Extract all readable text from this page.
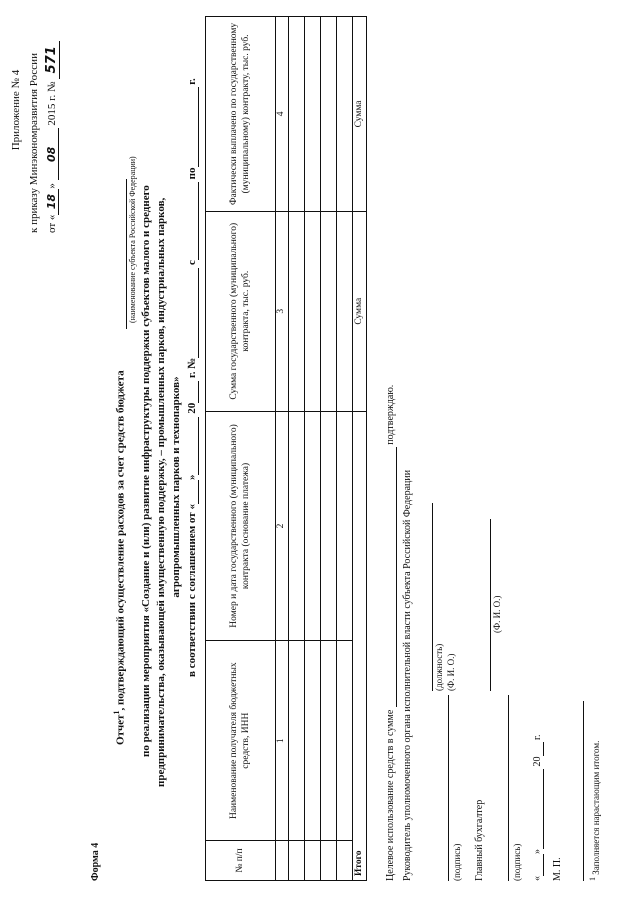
Приложение № 4 к приказу Минэкономразвития России от «18» 08 2015 г. № 571
Форма 4
Отчет$^1$, подтверждающий осуществление расходов за счет средств бюджета
(наименование субъекта Российской Федерации) по реализации мероприятия «Создание и (или) развитие инфраструктуры поддержки субъектов малого и среднего предпринимательства, оказывающей имущественную поддержку, – промышленных парков, индустриальных парков, агропромышленных парков и технопарков» в соответствии с соглашением от « »  20  г. №  с  по  г.
№ п/п	Наименование получателя бюджетных средств, ИНН	Номер и дата государственного (муниципального) контракта (основание платежа)	Сумма государственного (муниципального) контракта, тыс. руб.	Фактически выплачено по государственному (муниципальному) контракту, тыс. руб.
	1	2	3	4

Итого			Сумма	Сумма
Целевое использование средств в сумме   подтверждаю.
Руководитель уполномоченного органа исполнительной власти субъекта Российской Федерации (должность) (Ф. И. О.)
(подпись) Главный бухгалтер
(Ф. И. О.)
(подпись) « »  20  г.
М. П.	$^1$ Заполняется нарастающим итогом.
